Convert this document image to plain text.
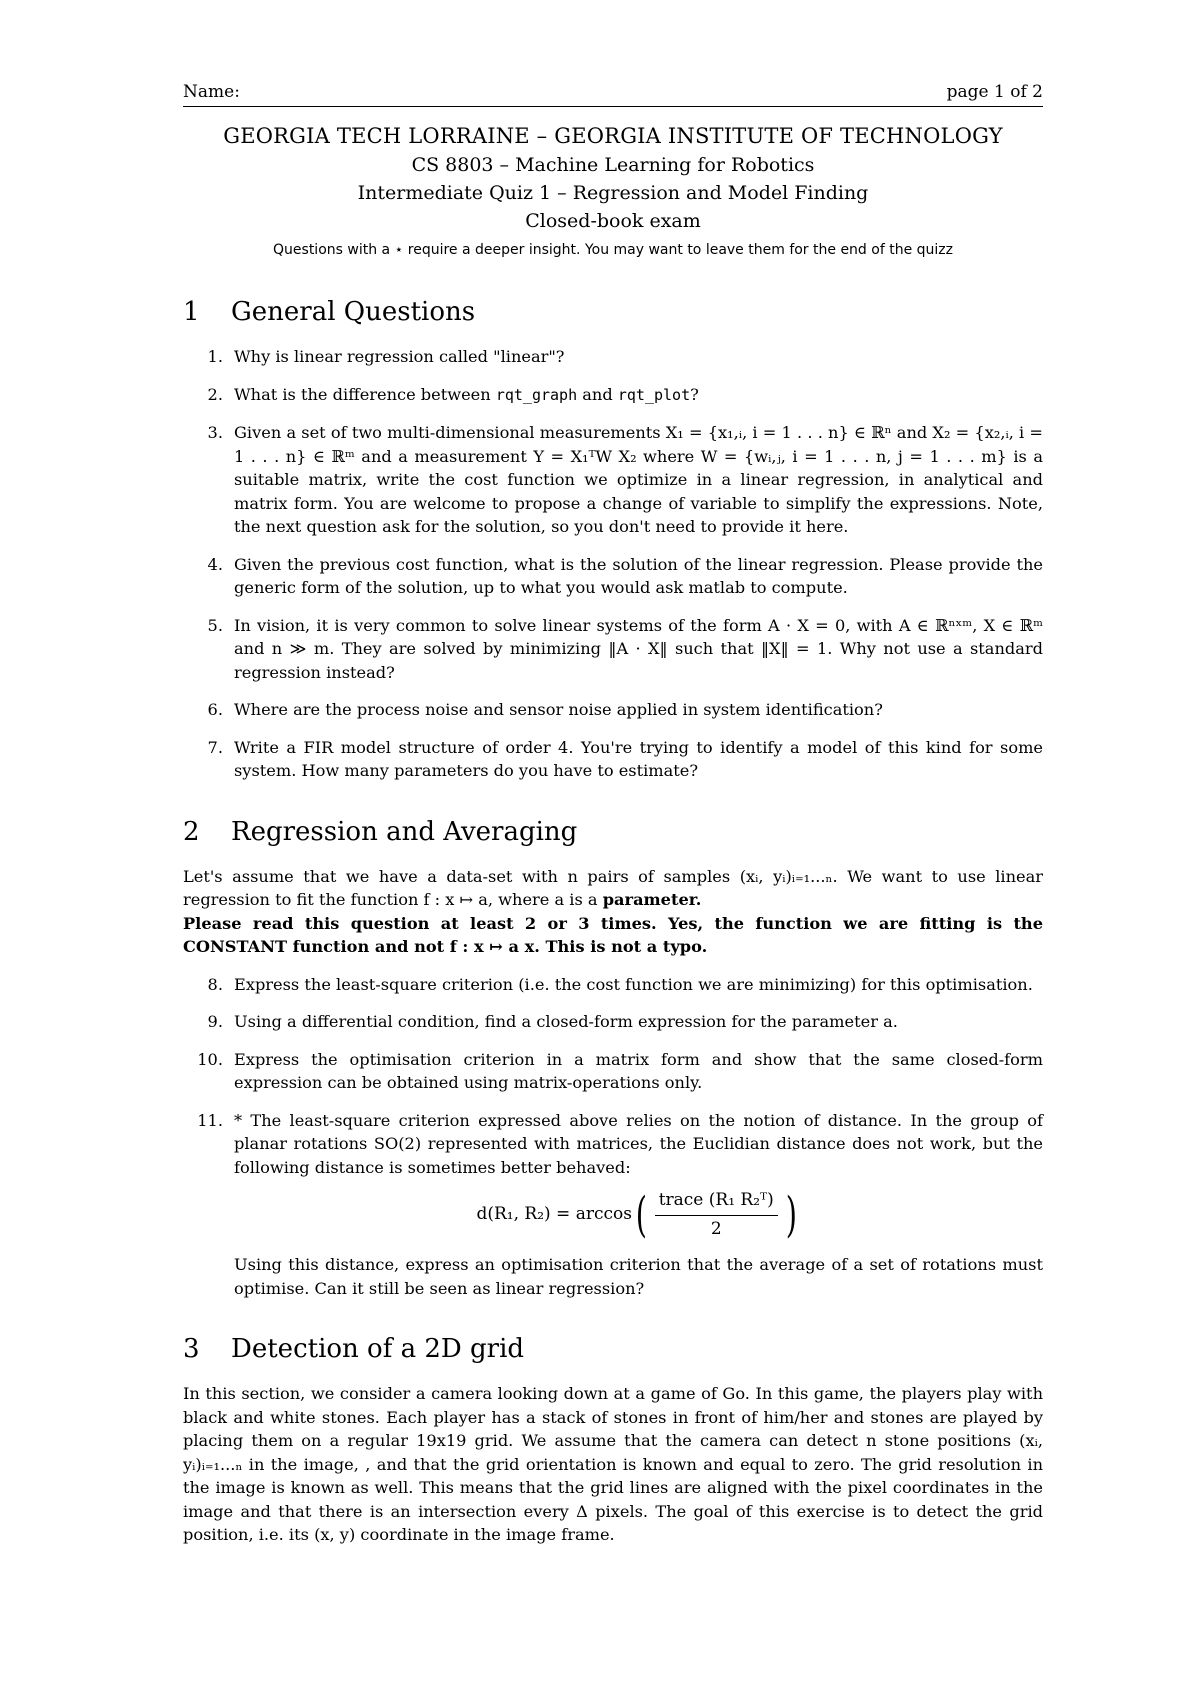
Name:	page 1 of 2
GEORGIA TECH LORRAINE – GEORGIA INSTITUTE OF TECHNOLOGY
CS 8803 – Machine Learning for Robotics
Intermediate Quiz 1 – Regression and Model Finding
Closed-book exam
Questions with a ⋆ require a deeper insight. You may want to leave them for the end of the quizz
1 General Questions
1. Why is linear regression called "linear"?
2. What is the difference between rqt_graph and rqt_plot?
3. Given a set of two multi-dimensional measurements X₁ = {x₁,ᵢ, i = 1 . . . n} ∈ ℝⁿ and X₂ = {x₂,ᵢ, i = 1 . . . n} ∈ ℝᵐ and a measurement Y = X₁ᵀW X₂ where W = {wᵢ,ⱼ, i = 1 . . . n, j = 1 . . . m} is a suitable matrix, write the cost function we optimize in a linear regression, in analytical and matrix form. You are welcome to propose a change of variable to simplify the expressions. Note, the next question ask for the solution, so you don't need to provide it here.
4. Given the previous cost function, what is the solution of the linear regression. Please provide the generic form of the solution, up to what you would ask matlab to compute.
5. In vision, it is very common to solve linear systems of the form A · X = 0, with A ∈ ℝⁿˣᵐ, X ∈ ℝᵐ and n ≫ m. They are solved by minimizing ‖A · X‖ such that ‖X‖ = 1. Why not use a standard regression instead?
6. Where are the process noise and sensor noise applied in system identification?
7. Write a FIR model structure of order 4. You're trying to identify a model of this kind for some system. How many parameters do you have to estimate?
2 Regression and Averaging
Let's assume that we have a data-set with n pairs of samples (xᵢ, yᵢ)ᵢ₌₁...ₙ. We want to use linear regression to fit the function f : x ↦ a, where a is a parameter.
Please read this question at least 2 or 3 times. Yes, the function we are fitting is the CONSTANT function and not f : x ↦ a x. This is not a typo.
8. Express the least-square criterion (i.e. the cost function we are minimizing) for this optimisation.
9. Using a differential condition, find a closed-form expression for the parameter a.
10. Express the optimisation criterion in a matrix form and show that the same closed-form expression can be obtained using matrix-operations only.
11. * The least-square criterion expressed above relies on the notion of distance. In the group of planar rotations SO(2) represented with matrices, the Euclidian distance does not work, but the following distance is sometimes better behaved:
d(R₁, R₂) = arccos ( $\frac{\text{trace (R₁ R₂ᵀ)}}{2}$ )
Using this distance, express an optimisation criterion that the average of a set of rotations must optimise. Can it still be seen as linear regression?
3 Detection of a 2D grid
In this section, we consider a camera looking down at a game of Go. In this game, the players play with black and white stones. Each player has a stack of stones in front of him/her and stones are played by placing them on a regular 19x19 grid. We assume that the camera can detect n stone positions (xᵢ, yᵢ)ᵢ₌₁...ₙ in the image, , and that the grid orientation is known and equal to zero. The grid resolution in the image is known as well. This means that the grid lines are aligned with the pixel coordinates in the image and that there is an intersection every Δ pixels. The goal of this exercise is to detect the grid position, i.e. its (x, y) coordinate in the image frame.
